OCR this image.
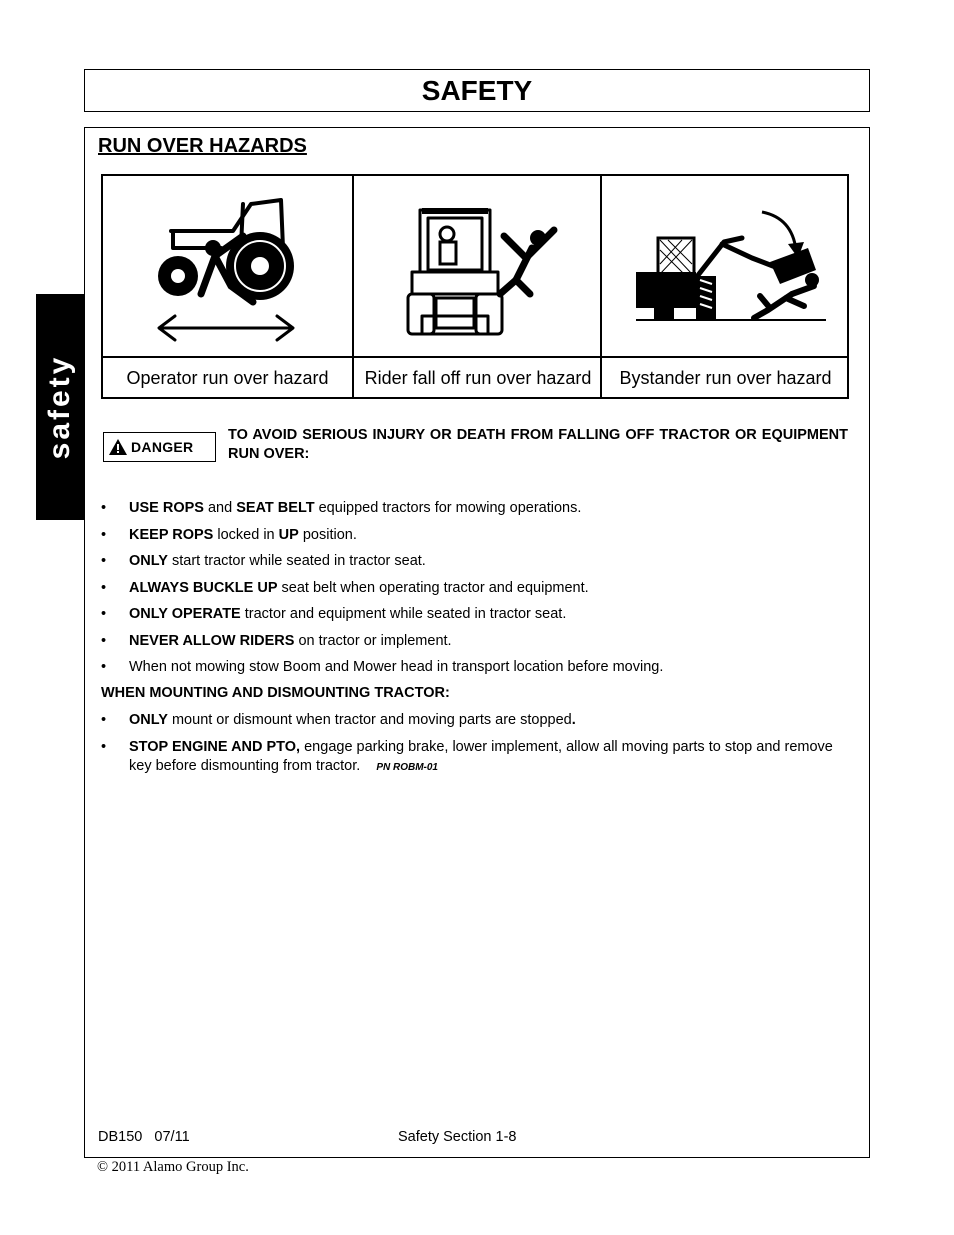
SAFETY
safety
RUN OVER HAZARDS
Operator run over hazard	Rider fall off run over hazard	Bystander run over hazard
DANGER
TO AVOID SERIOUS INJURY OR DEATH FROM FALLING OFF TRACTOR OR EQUIPMENT RUN OVER:
• USE ROPS and SEAT BELT equipped tractors for mowing operations.
• KEEP ROPS locked in UP position.
• ONLY start tractor while seated in tractor seat.
• ALWAYS BUCKLE UP seat belt when operating tractor and equipment.
• ONLY OPERATE tractor and equipment while seated in tractor seat.
• NEVER ALLOW RIDERS on tractor or implement.
• When not mowing stow Boom and Mower head in transport location before moving.
WHEN MOUNTING AND DISMOUNTING TRACTOR:
• ONLY mount or dismount when tractor and moving parts are stopped.
• STOP ENGINE AND PTO, engage parking brake, lower implement, allow all moving parts to stop and remove key before dismounting from tractor. PN ROBM-01
DB150   07/11	Safety Section 1-8
© 2011 Alamo Group Inc.
